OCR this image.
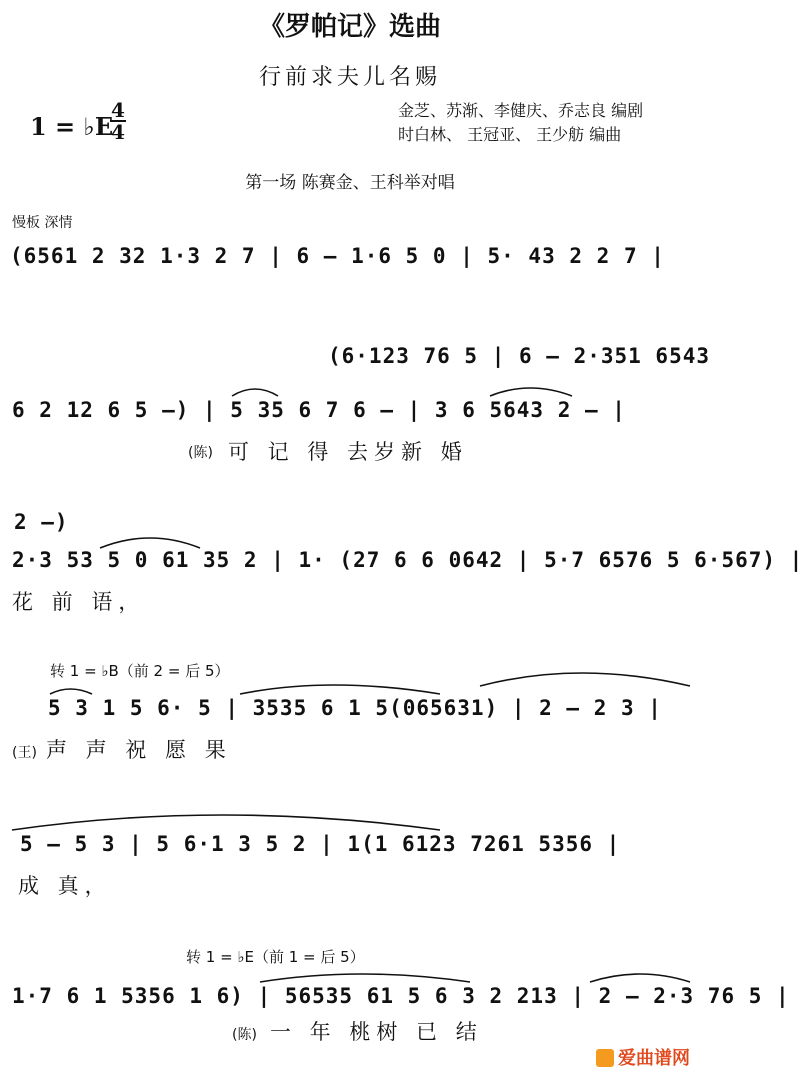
《罗帕记》选曲
行前求夫儿名赐
1 = ♭E
4
4
金芝、苏渐、李健庆、乔志良 编剧
时白林、 王冠亚、 王少舫 编曲
第一场 陈赛金、王科举对唱
慢板 深情
(6561 2 32 1·3 2 7 | 6 — 1·6 5 0 | 5· 43 2 2 7 |
(6·123 76 5 | 6 — 2·351 6543
6 2 12 6 5 —) | 5 35 6 7 6 — | 3 6 5643 2 — |
(陈) 可 记 得 去岁新 婚
2 —)
2·3 53 5 0 61 35 2 | 1· (27 6 6 0642 | 5·7 6576 5 6·567) |
花 前 语，
转 1 = ♭B（前 2 = 后 5）
5 3 1 5 6· 5 | 3535 6 1 5(065631) | 2 — 2 3 |
(王) 声 声 祝 愿 果
5 — 5 3 | 5 6·1 3 5 2 | 1(1 6123 7261 5356 |
成 真，
转 1 = ♭E（前 1 = 后 5）
1·7 6 1 5356 1 6) | 56535 61 5 6 3 2 213 | 2 — 2·3 76 5 |
(陈) 一 年 桃树 已 结
爱曲谱网
